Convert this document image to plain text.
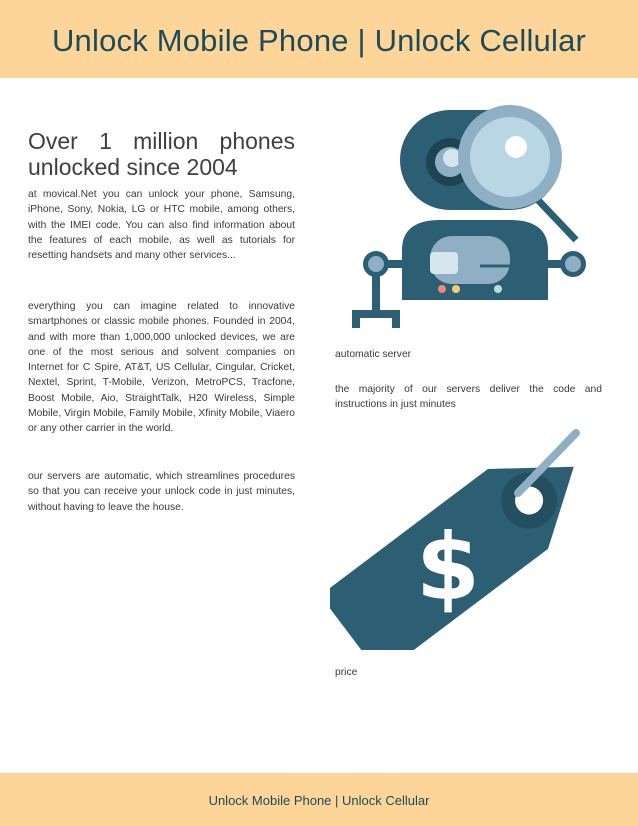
Unlock Mobile Phone | Unlock Cellular
Over 1 million phones unlocked since 2004

at movical.Net you can unlock your phone, Samsung, iPhone, Sony, Nokia, LG or HTC mobile, among others, with the IMEI code. You can also find information about the features of each mobile, as well as tutorials for resetting handsets and many other services...

everything you can imagine related to innovative smartphones or classic mobile phones. Founded in 2004, and with more than 1,000,000 unlocked devices, we are one of the most serious and solvent companies on Internet for C Spire, AT&T, US Cellular, Cingular, Cricket, Nextel, Sprint, T-Mobile, Verizon, MetroPCS, Tracfone, Boost Mobile, Aio, StraightTalk, H20 Wireless, Simple Mobile, Virgin Mobile, Family Mobile, Xfinity Mobile, Viaero or any other carrier in the world.

our servers are automatic, which streamlines procedures so that you can receive your unlock code in just minutes, without having to leave the house.

automatic server
the majority of our servers deliver the code and instructions in just minutes
$
price
Unlock Mobile Phone | Unlock Cellular
